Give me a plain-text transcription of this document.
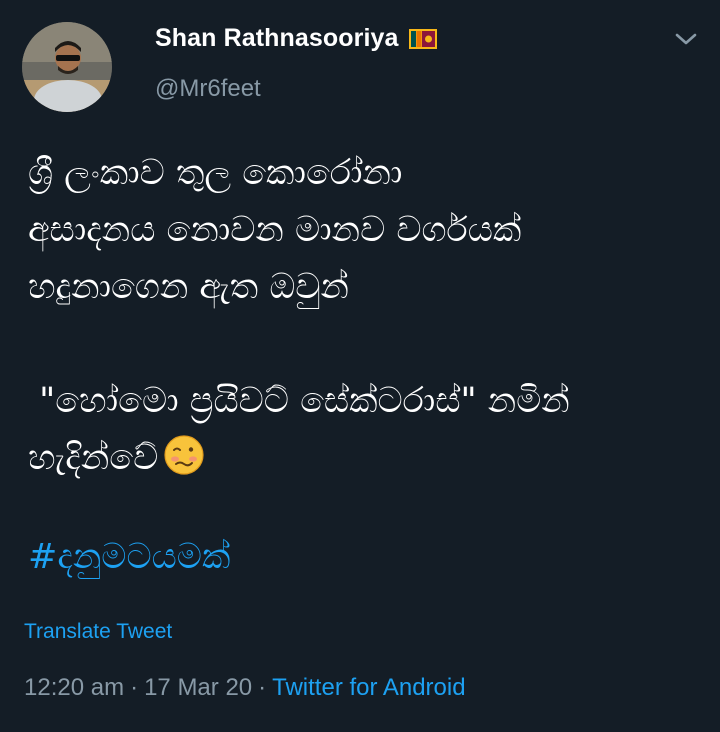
Shan Rathnasooriya
@Mr6feet
ශ්‍රී ලංකාව තුල කොරෝනා
අසාදනය නොවන මානව වර්ගයක්
හදුනාගෙන ඇත ඔවුන්
"හෝමො ප්‍රයිවට් සේක්ටරාස්" නමින්
හැදින්වේ
#දනුමටයමක්
Translate Tweet
12:20 am · 17 Mar 20 · Twitter for Android
